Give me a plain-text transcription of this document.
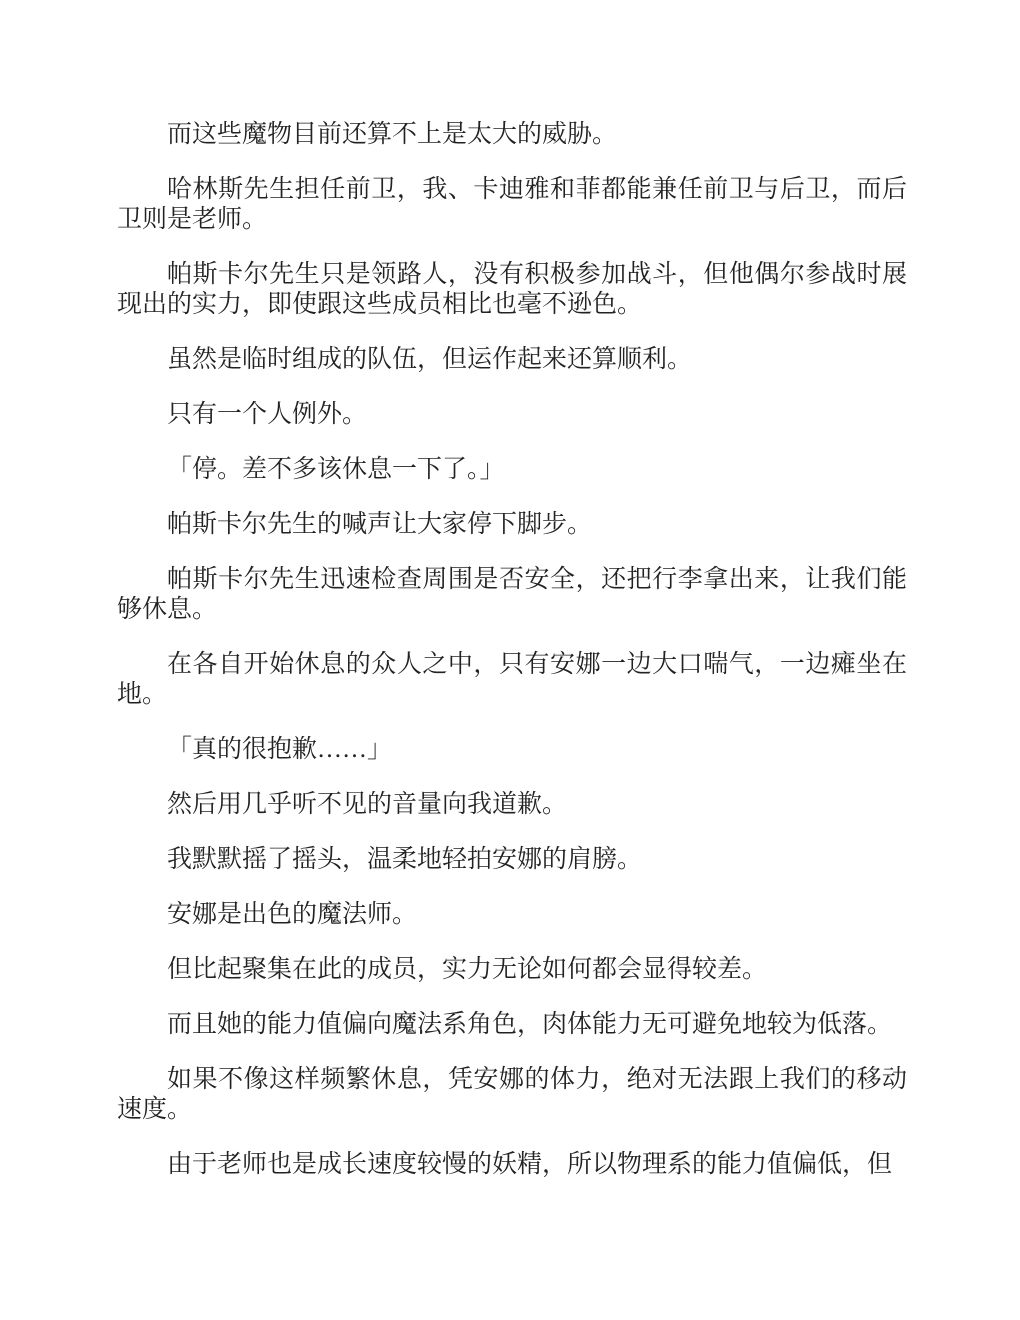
而这些魔物目前还算不上是太大的威胁。

哈林斯先生担任前卫，我、卡迪雅和菲都能兼任前卫与后卫，而后卫则是老师。

帕斯卡尔先生只是领路人，没有积极参加战斗，但他偶尔参战时展现出的实力，即使跟这些成员相比也毫不逊色。

虽然是临时组成的队伍，但运作起来还算顺利。

只有一个人例外。

「停。差不多该休息一下了。」

帕斯卡尔先生的喊声让大家停下脚步。

帕斯卡尔先生迅速检查周围是否安全，还把行李拿出来，让我们能够休息。

在各自开始休息的众人之中，只有安娜一边大口喘气，一边瘫坐在地。

「真的很抱歉……」

然后用几乎听不见的音量向我道歉。

我默默摇了摇头，温柔地轻拍安娜的肩膀。

安娜是出色的魔法师。

但比起聚集在此的成员，实力无论如何都会显得较差。

而且她的能力值偏向魔法系角色，肉体能力无可避免地较为低落。

如果不像这样频繁休息，凭安娜的体力，绝对无法跟上我们的移动速度。

由于老师也是成长速度较慢的妖精，所以物理系的能力值偏低，但
